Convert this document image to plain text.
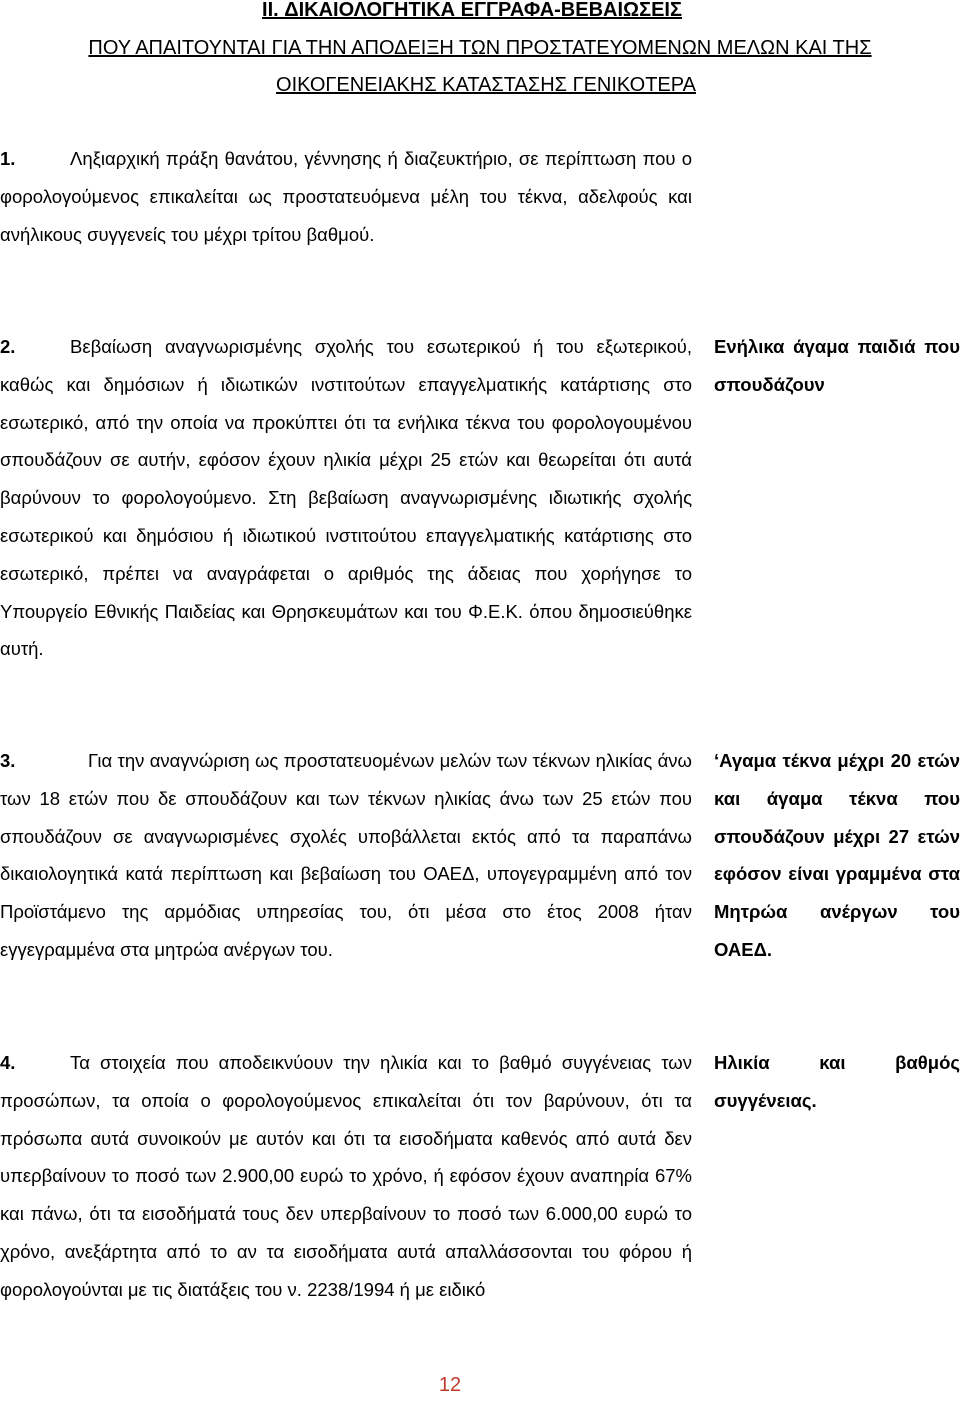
II. ΔΙΚΑΙΟΛΟΓΗΤΙΚΑ ΕΓΓΡΑΦΑ-ΒΕΒΑΙΩΣΕΙΣ
ΠΟΥ ΑΠΑΙΤΟΥΝΤΑΙ ΓΙΑ ΤΗΝ ΑΠΟΔΕΙΞΗ ΤΩΝ ΠΡΟΣΤΑΤΕΥΟΜΕΝΩΝ ΜΕΛΩΝ ΚΑΙ ΤΗΣ
ΟΙΚΟΓΕΝΕΙΑΚΗΣ ΚΑΤΑΣΤΑΣΗΣ ΓΕΝΙΚΟΤΕΡΑ
1.	Ληξιαρχική πράξη θανάτου, γέννησης ή διαζευκτήριο, σε περίπτωση που ο φορολογούμενος επικαλείται ως προστατευόμενα μέλη του τέκνα, αδελφούς και ανήλικους συγγενείς του μέχρι τρίτου βαθμού.
2.	Βεβαίωση αναγνωρισμένης σχολής του εσωτερικού ή του εξωτερικού, καθώς και δημόσιων ή ιδιωτικών ινστιτούτων επαγγελματικής κατάρτισης στο εσωτερικό, από την οποία να προκύπτει ότι τα ενήλικα τέκνα του φορολογουμένου σπουδάζουν σε αυτήν, εφόσον έχουν ηλικία μέχρι 25 ετών και θεωρείται ότι αυτά βαρύνουν το φορολογούμενο. Στη βεβαίωση αναγνωρισμένης ιδιωτικής σχολής εσωτερικού και δημόσιου ή ιδιωτικού ινστιτούτου επαγγελματικής κατάρτισης στο εσωτερικό, πρέπει να αναγράφεται ο αριθμός της άδειας που χορήγησε το Υπουργείο Εθνικής Παιδείας και Θρησκευμάτων και του Φ.Ε.Κ. όπου δημοσιεύθηκε αυτή.
Ενήλικα άγαμα παιδιά που σπουδάζουν
3.	Για την αναγνώριση ως προστατευομένων μελών των τέκνων ηλικίας άνω των 18 ετών που δε σπουδάζουν και των τέκνων ηλικίας άνω των 25 ετών που σπουδάζουν σε αναγνωρισμένες σχολές υποβάλλεται εκτός από τα παραπάνω δικαιολογητικά κατά περίπτωση και βεβαίωση του ΟΑΕΔ, υπογεγραμμένη από τον Προϊστάμενο της αρμόδιας υπηρεσίας του, ότι μέσα στο έτος 2008 ήταν εγγεγραμμένα στα μητρώα ανέργων του.
‘Αγαμα τέκνα μέχρι 20 ετών και άγαμα τέκνα που σπουδάζουν μέχρι 27 ετών εφόσον είναι γραμμένα στα Μητρώα ανέργων του ΟΑΕΔ.
4.	Τα στοιχεία που αποδεικνύουν την ηλικία και το βαθμό συγγένειας των προσώπων, τα οποία ο φορολογούμενος επικαλείται ότι τον βαρύνουν, ότι τα πρόσωπα αυτά συνοικούν με αυτόν και ότι τα εισοδήματα καθενός από αυτά δεν υπερβαίνουν το ποσό των 2.900,00 ευρώ το χρόνο, ή εφόσον έχουν αναπηρία 67% και πάνω, ότι τα εισοδήματά τους δεν υπερβαίνουν το ποσό των 6.000,00 ευρώ το χρόνο, ανεξάρτητα από το αν τα εισοδήματα αυτά απαλλάσσονται του φόρου ή φορολογούνται με τις διατάξεις του ν. 2238/1994 ή με ειδικό
Ηλικία και βαθμός συγγένειας.
12
